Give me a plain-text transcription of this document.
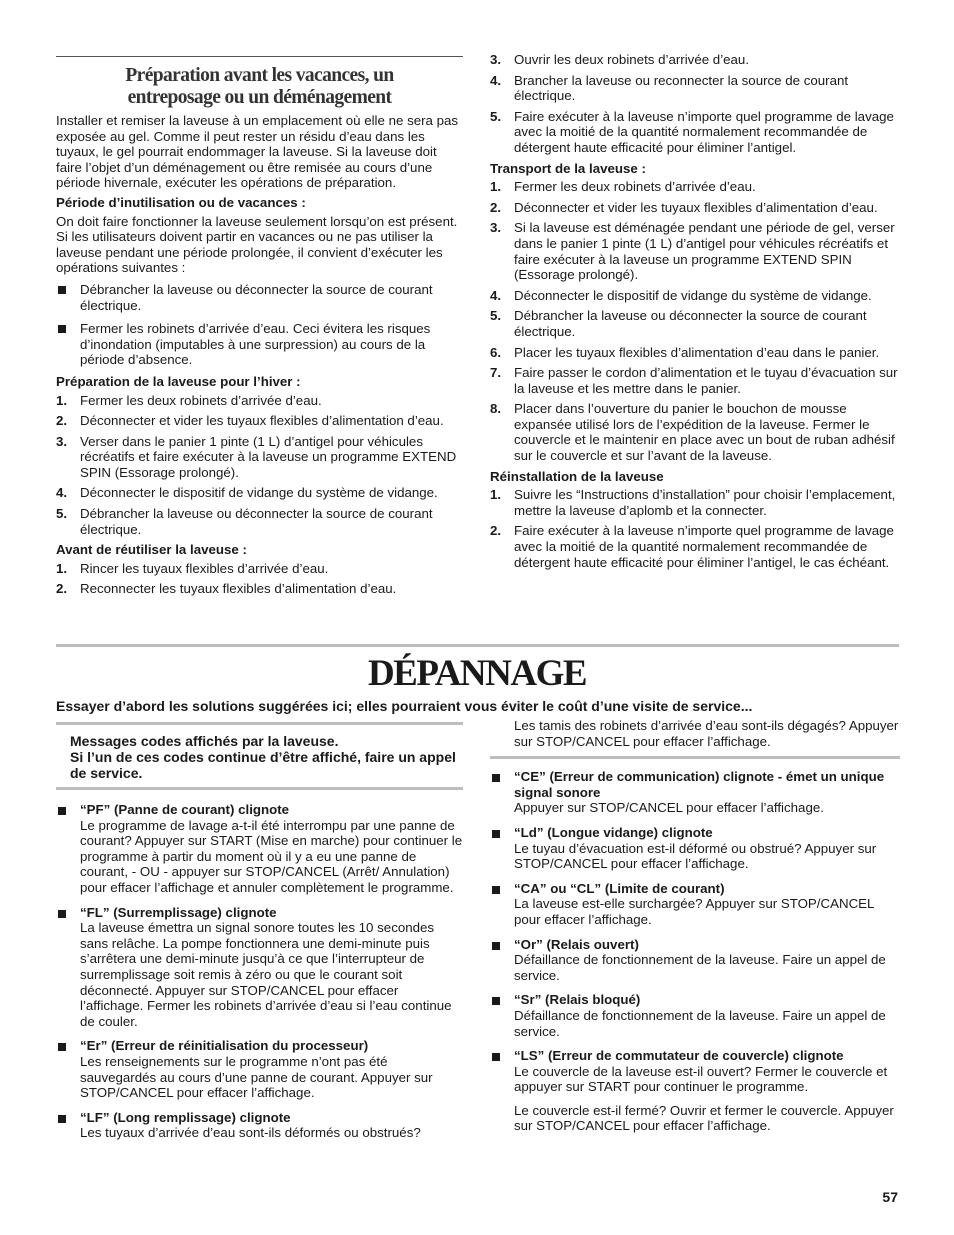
Préparation avant les vacances, un
entreposage ou un déménagement

Installer et remiser la laveuse à un emplacement où elle ne sera pas exposée au gel. Comme il peut rester un résidu d’eau dans les tuyaux, le gel pourrait endommager la laveuse. Si la laveuse doit faire l’objet d’un déménagement ou être remisée au cours d’une période hivernale, exécuter les opérations de préparation.

Période d’inutilisation ou de vacances :

On doit faire fonctionner la laveuse seulement lorsqu’on est présent. Si les utilisateurs doivent partir en vacances ou ne pas utiliser la laveuse pendant une période prolongée, il convient d’exécuter les opérations suivantes :

Débrancher la laveuse ou déconnecter la source de courant électrique.
Fermer les robinets d’arrivée d’eau. Ceci évitera les risques d’inondation (imputables à une surpression) au cours de la période d’absence.
Préparation de la laveuse pour l’hiver :
1. Fermer les deux robinets d’arrivée d’eau.
2. Déconnecter et vider les tuyaux flexibles d’alimentation d’eau.
3. Verser dans le panier 1 pinte (1 L) d’antigel pour véhicules récréatifs et faire exécuter à la laveuse un programme EXTEND SPIN (Essorage prolongé).
4. Déconnecter le dispositif de vidange du système de vidange.
5. Débrancher la laveuse ou déconnecter la source de courant électrique.
Avant de réutiliser la laveuse :
1. Rincer les tuyaux flexibles d’arrivée d’eau.
2. Reconnecter les tuyaux flexibles d’alimentation d’eau.
3. Ouvrir les deux robinets d’arrivée d’eau.
4. Brancher la laveuse ou reconnecter la source de courant électrique.
5. Faire exécuter à la laveuse n’importe quel programme de lavage avec la moitié de la quantité normalement recommandée de détergent haute efficacité pour éliminer l’antigel.
Transport de la laveuse :
1. Fermer les deux robinets d’arrivée d’eau.
2. Déconnecter et vider les tuyaux flexibles d’alimentation d’eau.
3. Si la laveuse est déménagée pendant une période de gel, verser dans le panier 1 pinte (1 L) d’antigel pour véhicules récréatifs et faire exécuter à la laveuse un programme EXTEND SPIN (Essorage prolongé).
4. Déconnecter le dispositif de vidange du système de vidange.
5. Débrancher la laveuse ou déconnecter la source de courant électrique.
6. Placer les tuyaux flexibles d’alimentation d’eau dans le panier.
7. Faire passer le cordon d’alimentation et le tuyau d’évacuation sur la laveuse et les mettre dans le panier.
8. Placer dans l’ouverture du panier le bouchon de mousse expansée utilisé lors de l’expédition de la laveuse. Fermer le couvercle et le maintenir en place avec un bout de ruban adhésif sur le couvercle et sur l’avant de la laveuse.
Réinstallation de la laveuse
1. Suivre les “Instructions d’installation” pour choisir l’emplacement, mettre la laveuse d’aplomb et la connecter.
2. Faire exécuter à la laveuse n’importe quel programme de lavage avec la moitié de la quantité normalement recommandée de détergent haute efficacité pour éliminer l’antigel, le cas échéant.
DÉPANNAGE

Essayer d’abord les solutions suggérées ici; elles pourraient vous éviter le coût d’une visite de service...

Messages codes affichés par la laveuse.
Si l’un de ces codes continue d’être affiché, faire un appel de service.
“PF” (Panne de courant) clignote
Le programme de lavage a-t-il été interrompu par une panne de courant? Appuyer sur START (Mise en marche) pour continuer le programme à partir du moment où il y a eu une panne de courant, - OU - appuyer sur STOP/CANCEL (Arrêt/ Annulation) pour effacer l’affichage et annuler complètement le programme.
“FL” (Surremplissage) clignote
La laveuse émettra un signal sonore toutes les 10 secondes sans relâche. La pompe fonctionnera une demi-minute puis s’arrêtera une demi-minute jusqu’à ce que l’interrupteur de surremplissage soit remis à zéro ou que le courant soit déconnecté. Appuyer sur STOP/CANCEL pour effacer l’affichage. Fermer les robinets d’arrivée d’eau si l’eau continue de couler.
“Er” (Erreur de réinitialisation du processeur)
Les renseignements sur le programme n’ont pas été sauvegardés au cours d’une panne de courant. Appuyer sur STOP/CANCEL pour effacer l’affichage.
“LF” (Long remplissage) clignote
Les tuyaux d’arrivée d’eau sont-ils déformés ou obstrués?
Les tamis des robinets d’arrivée d’eau sont-ils dégagés? Appuyer sur STOP/CANCEL pour effacer l’affichage.
“CE” (Erreur de communication) clignote - émet un unique signal sonore
Appuyer sur STOP/CANCEL pour effacer l’affichage.
“Ld” (Longue vidange) clignote
Le tuyau d’évacuation est-il déformé ou obstrué? Appuyer sur STOP/CANCEL pour effacer l’affichage.
“CA” ou “CL” (Limite de courant)
La laveuse est-elle surchargée? Appuyer sur STOP/CANCEL pour effacer l’affichage.
“Or” (Relais ouvert)
Défaillance de fonctionnement de la laveuse. Faire un appel de service.
“Sr” (Relais bloqué)
Défaillance de fonctionnement de la laveuse. Faire un appel de service.
“LS” (Erreur de commutateur de couvercle) clignote
Le couvercle de la laveuse est-il ouvert? Fermer le couvercle et appuyer sur START pour continuer le programme.
Le couvercle est-il fermé? Ouvrir et fermer le couvercle. Appuyer sur STOP/CANCEL pour effacer l’affichage.
57
